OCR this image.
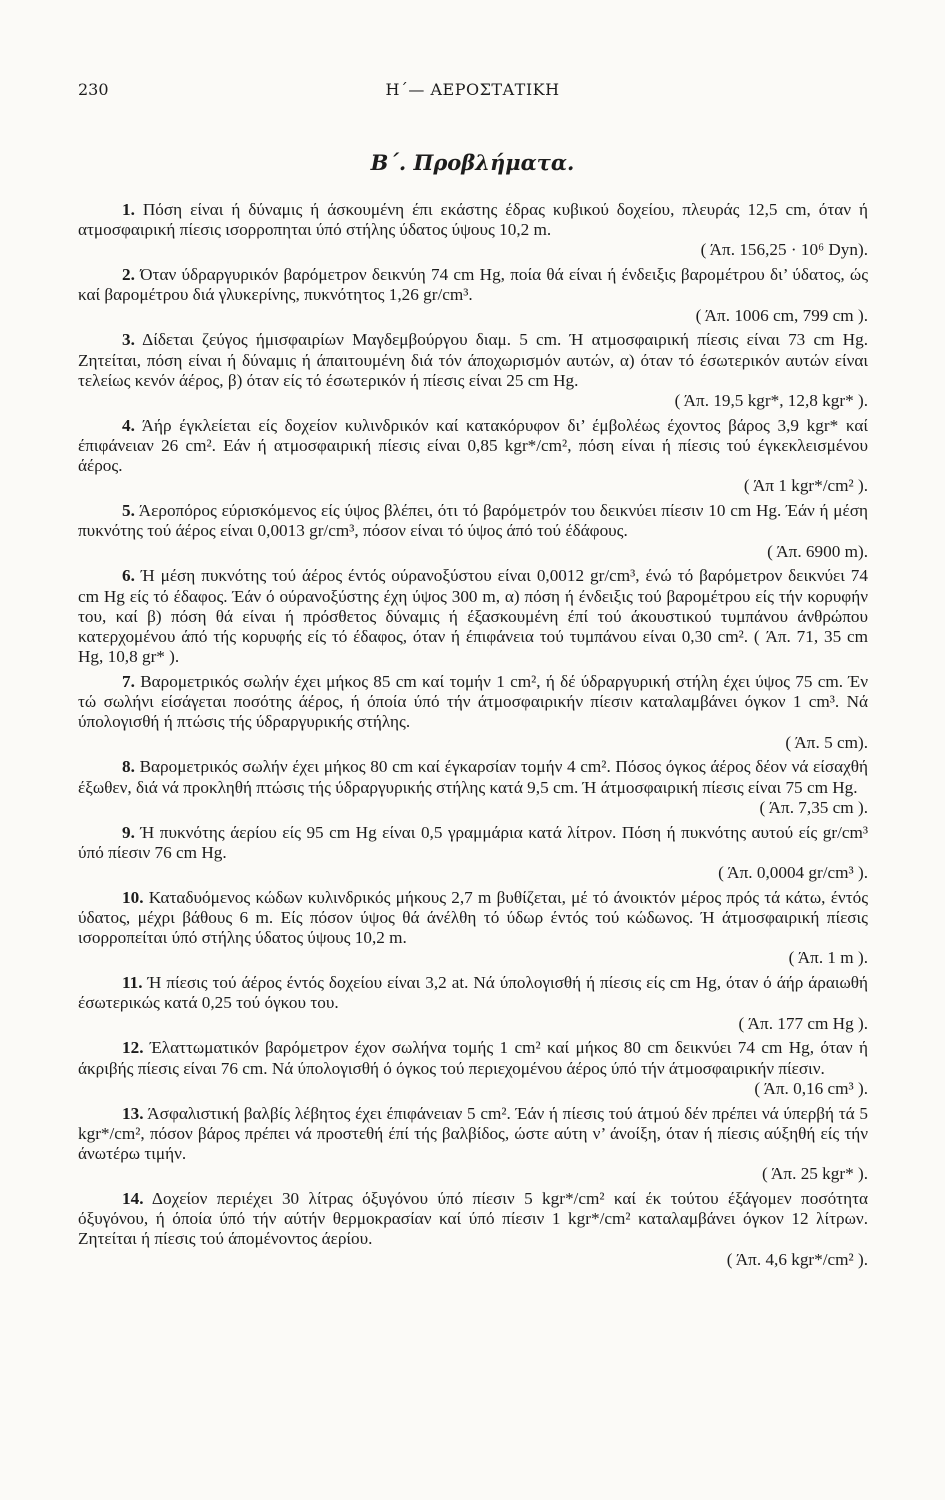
230	Η΄— ΑΕΡΟΣΤΑΤΙΚΗ
Β΄. Προβλήματα.

1. Πόση είναι ή δύναμις ή άσκουμένη έπι εκάστης έδρας κυβικού δοχείου, πλευράς 12,5 cm, όταν ή ατμοσφαιρική πίεσις ισορροπηται ύπό στήλης ύδατος ύψους 10,2 m.

( Άπ. 156,25 · 10⁶ Dyn).

2. Όταν ύδραργυρικόν βαρόμετρον δεικνύη 74 cm Hg, ποία θά είναι ή ένδειξις βαρομέτρου δι’ ύδατος, ώς καί βαρομέτρου διά γλυκερίνης, πυκνότητος 1,26 gr/cm³.

( Άπ. 1006 cm, 799 cm ).

3. Δίδεται ζεύγος ήμισφαιρίων Μαγδεμβούργου διαμ. 5 cm. Ή ατμοσφαιρική πίεσις είναι 73 cm Hg. Ζητείται, πόση είναι ή δύναμις ή άπαιτουμένη διά τόν άποχωρισμόν αυτών, α) όταν τό έσωτερικόν αυτών είναι τελείως κενόν άέρος, β) όταν είς τό έσωτερικόν ή πίεσις είναι 25 cm Hg.

( Άπ. 19,5 kgr*, 12,8 kgr* ).

4. Άήρ έγκλείεται είς δοχείον κυλινδρικόν καί κατακόρυφον δι’ έμβολέως έχοντος βάρος 3,9 kgr* καί έπιφάνειαν 26 cm². Εάν ή ατμοσφαιρική πίεσις είναι 0,85 kgr*/cm², πόση είναι ή πίεσις τού έγκεκλεισμένου άέρος.

( Άπ 1 kgr*/cm² ).

5. Άεροπόρος εύρισκόμενος είς ύψος βλέπει, ότι τό βαρόμετρόν του δεικνύει πίεσιν 10 cm Hg. Έάν ή μέση πυκνότης τού άέρος είναι 0,0013 gr/cm³, πόσον είναι τό ύψος άπό τού έδάφους.

( Άπ. 6900 m).

6. Ή μέση πυκνότης τού άέρος έντός ούρανοξύστου είναι 0,0012 gr/cm³, ένώ τό βαρόμετρον δεικνύει 74 cm Hg είς τό έδαφος. Έάν ό ούρανοξύστης έχη ύψος 300 m, α) πόση ή ένδειξις τού βαρομέτρου είς τήν κορυφήν του, καί β) πόση θά είναι ή πρόσθετος δύναμις ή έξασκουμένη έπί τού άκουστικού τυμπάνου άνθρώπου κατερχομένου άπό τής κορυφής είς τό έδαφος, όταν ή έπιφάνεια τού τυμπάνου είναι 0,30 cm². ( Άπ. 71, 35 cm Hg, 10,8 gr* ).

7. Βαρομετρικός σωλήν έχει μήκος 85 cm καί τομήν 1 cm², ή δέ ύδραργυρική στήλη έχει ύψος 75 cm. Έν τώ σωλήνι είσάγεται ποσότης άέρος, ή όποία ύπό τήν άτμοσφαιρικήν πίεσιν καταλαμβάνει όγκον 1 cm³. Νά ύπολογισθή ή πτώσις τής ύδραργυρικής στήλης.

( Άπ. 5 cm).

8. Βαρομετρικός σωλήν έχει μήκος 80 cm καί έγκαρσίαν τομήν 4 cm². Πόσος όγκος άέρος δέον νά είσαχθή έξωθεν, διά νά προκληθή πτώσις τής ύδραργυρικής στήλης κατά 9,5 cm. Ή άτμοσφαιρική πίεσις είναι 75 cm Hg.

( Άπ. 7,35 cm ).

9. Ή πυκνότης άερίου είς 95 cm Hg είναι 0,5 γραμμάρια κατά λίτρον. Πόση ή πυκνότης αυτού είς gr/cm³ ύπό πίεσιν 76 cm Hg.

( Άπ. 0,0004 gr/cm³ ).

10. Καταδυόμενος κώδων κυλινδρικός μήκους 2,7 m βυθίζεται, μέ τό άνοικτόν μέρος πρός τά κάτω, έντός ύδατος, μέχρι βάθους 6 m. Είς πόσον ύψος θά άνέλθη τό ύδωρ έντός τού κώδωνος. Ή άτμοσφαιρική πίεσις ισορροπείται ύπό στήλης ύδατος ύψους 10,2 m.

( Άπ. 1 m ).

11. Ή πίεσις τού άέρος έντός δοχείου είναι 3,2 at. Νά ύπολογισθή ή πίεσις είς cm Hg, όταν ό άήρ άραιωθή έσωτερικώς κατά 0,25 τού όγκου του.

( Άπ. 177 cm Hg ).

12. Έλαττωματικόν βαρόμετρον έχον σωλήνα τομής 1 cm² καί μήκος 80 cm δεικνύει 74 cm Hg, όταν ή άκριβής πίεσις είναι 76 cm. Νά ύπολογισθή ό όγκος τού περιεχομένου άέρος ύπό τήν άτμοσφαιρικήν πίεσιν.

( Άπ. 0,16 cm³ ).

13. Άσφαλιστική βαλβίς λέβητος έχει έπιφάνειαν 5 cm². Έάν ή πίεσις τού άτμού δέν πρέπει νά ύπερβή τά 5 kgr*/cm², πόσον βάρος πρέπει νά προστεθή έπί τής βαλβίδος, ώστε αύτη ν’ άνοίξη, όταν ή πίεσις αύξηθή είς τήν άνωτέρω τιμήν.

( Άπ. 25 kgr* ).

14. Δοχείον περιέχει 30 λίτρας όξυγόνου ύπό πίεσιν 5 kgr*/cm² καί έκ τούτου έξάγομεν ποσότητα όξυγόνου, ή όποία ύπό τήν αύτήν θερμοκρασίαν καί ύπό πίεσιν 1 kgr*/cm² καταλαμβάνει όγκον 12 λίτρων. Ζητείται ή πίεσις τού άπομένοντος άερίου.

( Άπ. 4,6 kgr*/cm² ).
